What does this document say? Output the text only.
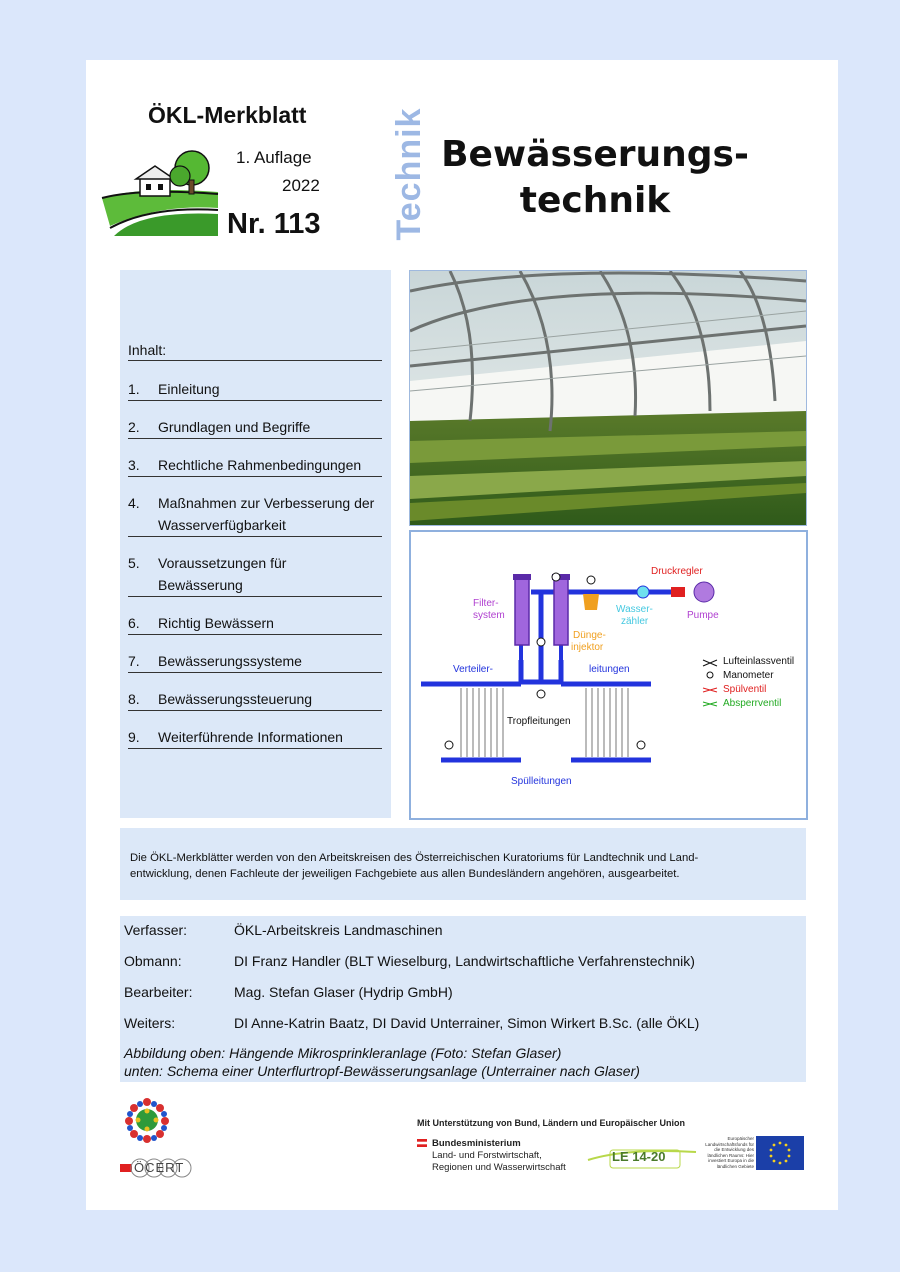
ÖKL-Merkblatt
1. Auflage
2022
Nr. 113 Technik Bewässerungs-
technik
Inhalt:
1. Einleitung
2. Grundlagen und Begriffe
3. Rechtliche Rahmenbedingungen
4. Maßnahmen zur Verbesserung der Wasserverfügbarkeit
5. Voraussetzungen für Bewässerung
6. Richtig Bewässern
7. Bewässerungssysteme
8. Bewässerungssteuerung
9. Weiterführende Informationen
Druckregler
Filter-
system
Wasser-
zähler
Pumpe
Dünge-
injektor
Verteiler-	leitungen
Tropfleitungen
Spülleitungen
Lufteinlassventil
Manometer
Spülventil
Absperrventil

Die ÖKL-Merkblätter werden von den Arbeitskreisen des Österreichischen Kuratoriums für Landtechnik und Land-
entwicklung, denen Fachleute der jeweiligen Fachgebiete aus allen Bundesländern angehören, ausgearbeitet.

Verfasser:	ÖKL-Arbeitskreis Landmaschinen
Obmann:	DI Franz Handler (BLT Wieselburg, Landwirtschaftliche Verfahrenstechnik)
Bearbeiter:	Mag. Stefan Glaser (Hydrip GmbH)
Weiters:	DI Anne-Katrin Baatz, DI David Unterrainer, Simon Wirkert B.Sc. (alle ÖKL)
Abbildung oben: Hängende Mikrosprinkleranlage (Foto: Stefan Glaser)
unten: Schema einer Unterflurtropf-Bewässerungsanlage (Unterrainer nach Glaser)
ÖCERT
Mit Unterstützung von Bund, Ländern und Europäischer Union
Bundesministerium
Land- und Forstwirtschaft,
Regionen und Wasserwirtschaft
LE 14-20
Europäischer Landwirtschaftsfonds für die Entwicklung des ländlichen Raums: Hier investiert Europa in die ländlichen Gebiete
